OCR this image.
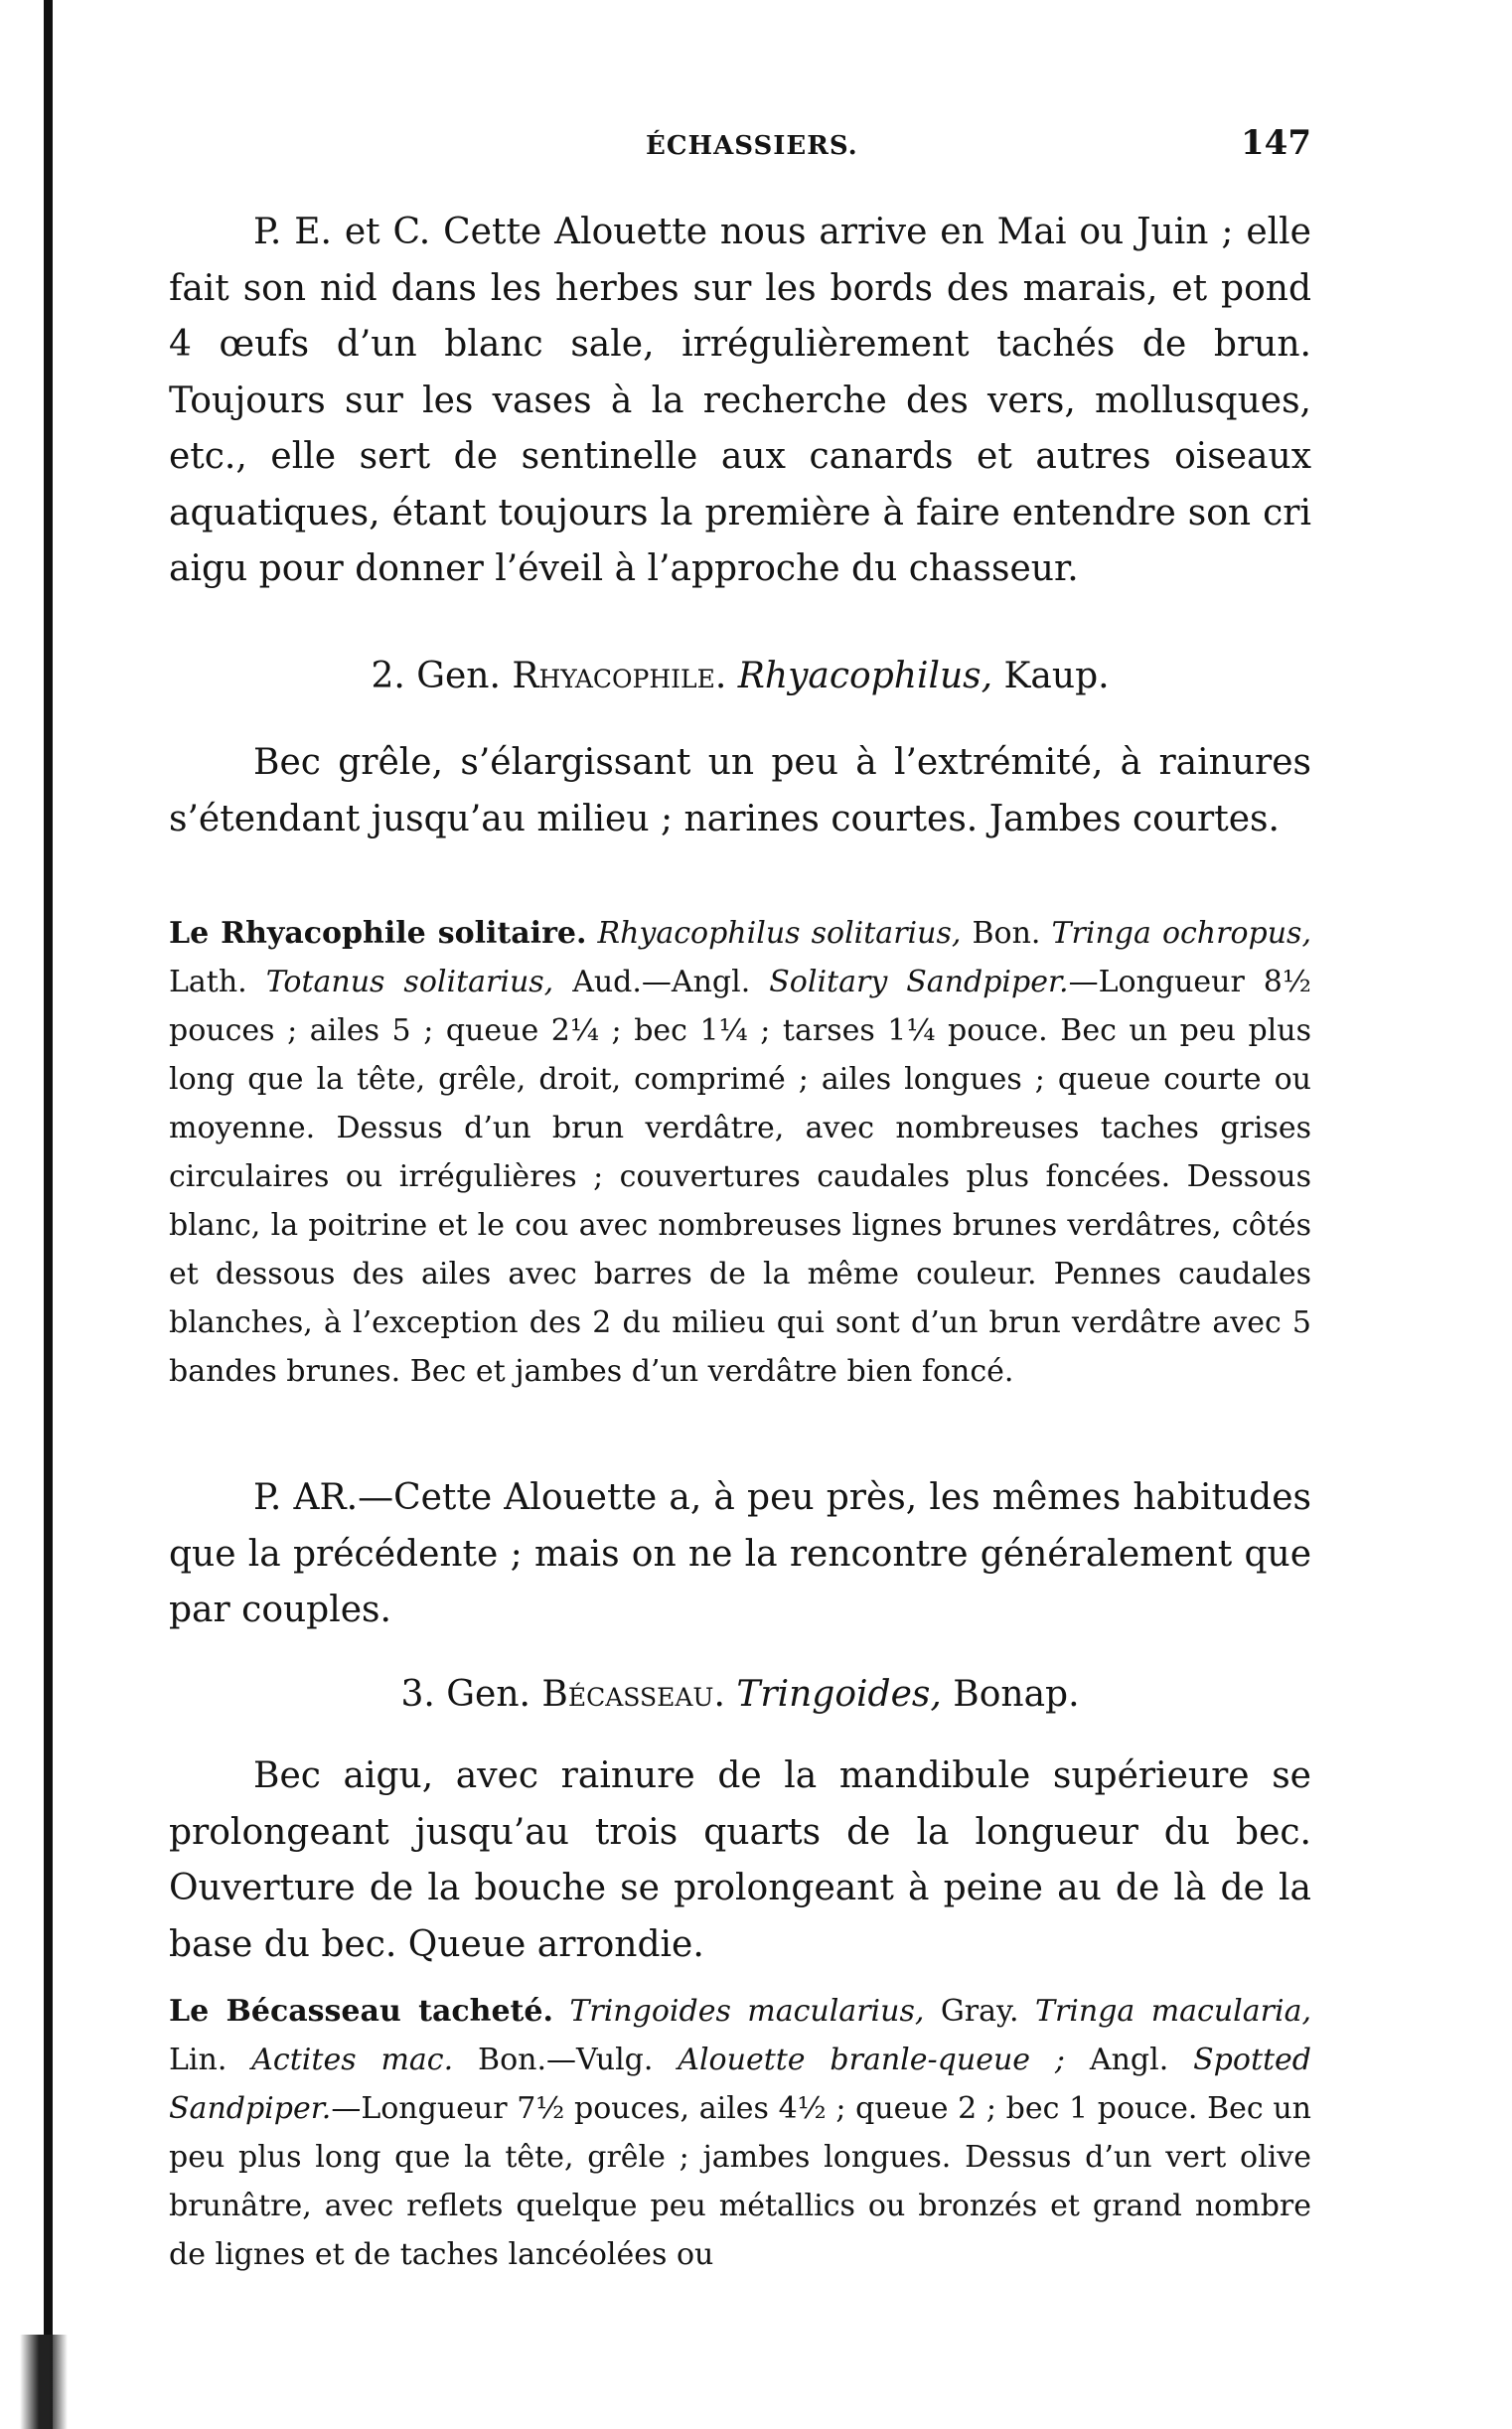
ÉCHASSIERS.	147

P. E. et C. Cette Alouette nous arrive en Mai ou Juin ; elle fait son nid dans les herbes sur les bords des marais, et pond 4 œufs d’un blanc sale, irrégulièrement tachés de brun. Toujours sur les vases à la recherche des vers, mollusques, etc., elle sert de sentinelle aux canards et autres oiseaux aquatiques, étant toujours la première à faire entendre son cri aigu pour donner l’éveil à l’approche du chasseur.

2. Gen. Rhyacophile. Rhyacophilus, Kaup.

Bec grêle, s’élargissant un peu à l’extrémité, à rainures s’étendant jusqu’au milieu ; narines courtes. Jambes courtes.

Le Rhyacophile solitaire. Rhyacophilus solitarius, Bon. Tringa ochropus, Lath. Totanus solitarius, Aud.—Angl. Solitary Sandpiper.—Longueur 8½ pouces ; ailes 5 ; queue 2¼ ; bec 1¼ ; tarses 1¼ pouce. Bec un peu plus long que la tête, grêle, droit, comprimé ; ailes longues ; queue courte ou moyenne. Dessus d’un brun verdâtre, avec nombreuses taches grises circulaires ou irrégulières ; couvertures caudales plus foncées. Dessous blanc, la poitrine et le cou avec nombreuses lignes brunes verdâtres, côtés et dessous des ailes avec barres de la même couleur. Pennes caudales blanches, à l’exception des 2 du milieu qui sont d’un brun verdâtre avec 5 bandes brunes. Bec et jambes d’un verdâtre bien foncé.

P. AR.—Cette Alouette a, à peu près, les mêmes habitudes que la précédente ; mais on ne la rencontre généralement que par couples.

3. Gen. Bécasseau. Tringoides, Bonap.

Bec aigu, avec rainure de la mandibule supérieure se prolongeant jusqu’au trois quarts de la longueur du bec. Ouverture de la bouche se prolongeant à peine au de là de la base du bec. Queue arrondie.

Le Bécasseau tacheté. Tringoides macularius, Gray. Tringa macularia, Lin. Actites mac. Bon.—Vulg. Alouette branle-queue ; Angl. Spotted Sandpiper.—Longueur 7½ pouces, ailes 4½ ; queue 2 ; bec 1 pouce. Bec un peu plus long que la tête, grêle ; jambes longues. Dessus d’un vert olive brunâtre, avec reflets quelque peu métallics ou bronzés et grand nombre de lignes et de taches lancéolées ou
